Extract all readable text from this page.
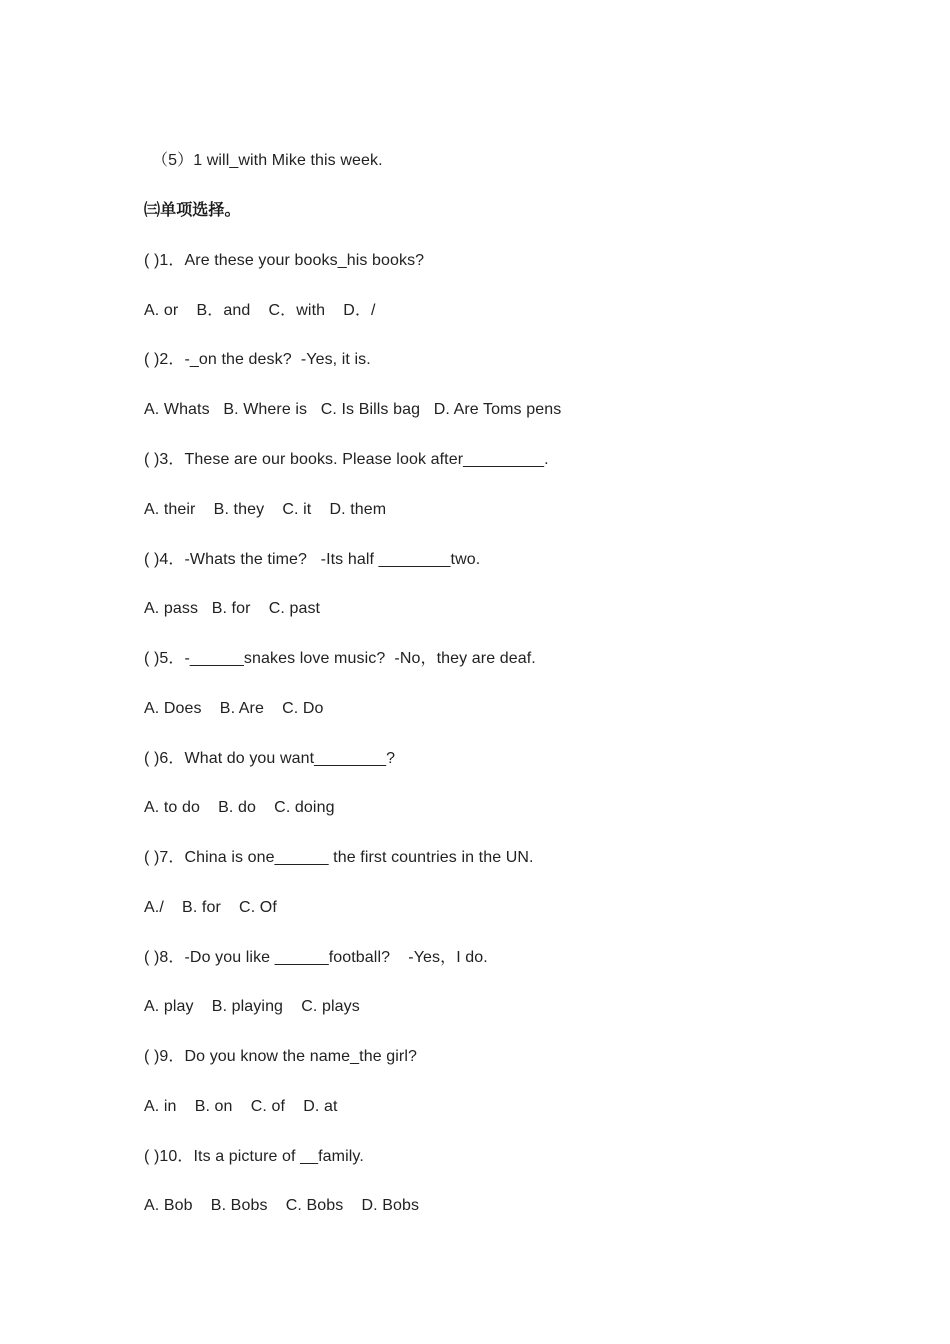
（5）1 will_with Mike this week.
㈢单项选择。
( )1．Are these your books_his books?
A. or    B．and    C．with    D．/
( )2．-_on the desk?  -Yes, it is.
A. Whats   B. Where is   C. Is Bills bag   D. Are Toms pens
( )3．These are our books. Please look after_________.
A. their    B. they    C. it    D. them
( )4．-Whats the time?   -Its half ________two.
A. pass   B. for    C. past
( )5．-______snakes love music?  -No，they are deaf.
A. Does    B. Are    C. Do
( )6．What do you want________?
A. to do    B. do    C. doing
( )7．China is one______ the first countries in the UN.
A./    B. for    C. Of
( )8．-Do you like ______football?    -Yes，I do.
A. play    B. playing    C. plays
( )9．Do you know the name_the girl?
A. in    B. on    C. of    D. at
( )10．Its a picture of __family.
A. Bob    B. Bobs    C. Bobs    D. Bobs
